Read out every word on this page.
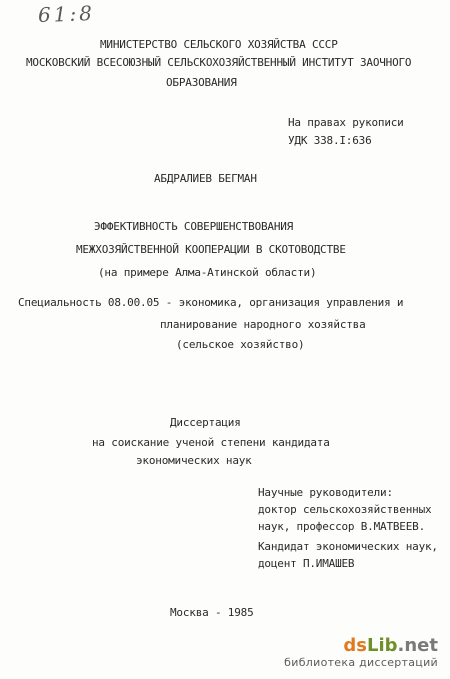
61:8
МИНИСТЕРСТВО СЕЛЬСКОГО ХОЗЯЙСТВА СССР
МОСКОВСКИЙ ВСЕСОЮЗНЫЙ СЕЛЬСКОХОЗЯЙСТВЕННЫЙ ИНСТИТУТ ЗАОЧНОГО
ОБРАЗОВАНИЯ
На правах рукописи
УДК 338.I:636
АБДРАЛИЕВ БЕГМАН
ЭФФЕКТИВНОСТЬ СОВЕРШЕНСТВОВАНИЯ
МЕЖХОЗЯЙСТВЕННОЙ КООПЕРАЦИИ В СКОТОВОДСТВЕ
(на примере Алма-Атинской области)
Специальность 08.00.05 - экономика, организация управления и
планирование народного хозяйства
(сельское хозяйство)
Диссертация
на соискание ученой степени кандидата
экономических наук
Научные руководители:
доктор сельскохозяйственных
наук, профессор В.МАТВЕЕВ.
Кандидат экономических наук,
доцент П.ИМАШЕВ
Москва - 1985
dsLib.net
библиотека диссертаций
